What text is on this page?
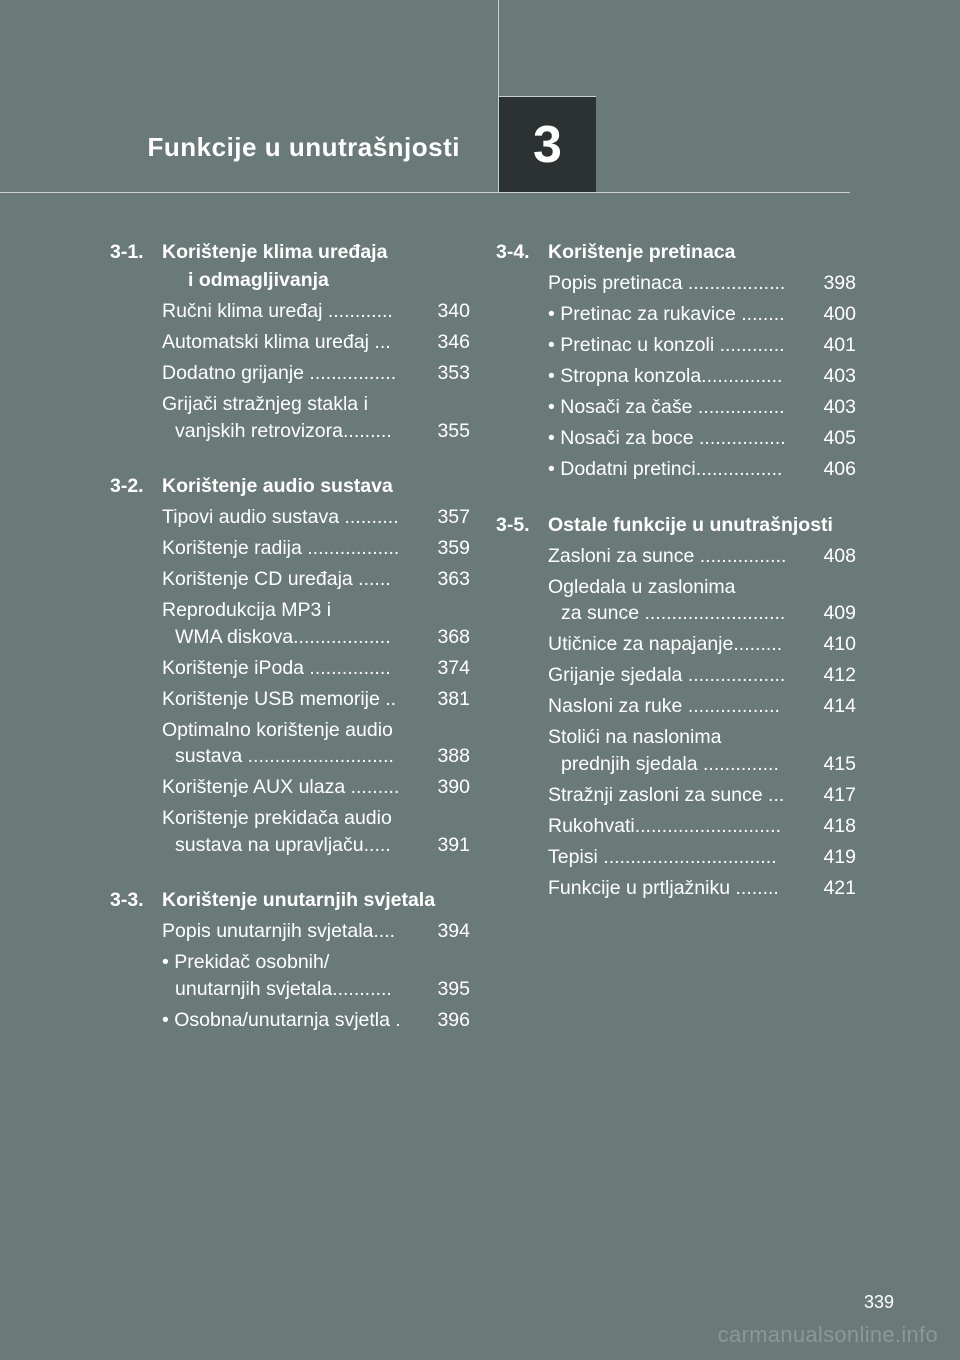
Funkcije u unutrašnjosti 3
3-1. Korištenje klima uređaja
i odmagljivanja
Ručni klima uređaj ............	340
Automatski klima uređaj ...	346
Dodatno grijanje ................	353
Grijači stražnjeg stakla i
vanjskih retrovizora.........	355
3-2. Korištenje audio sustava
Tipovi audio sustava ..........	357
Korištenje radija .................	359
Korištenje CD uređaja ......	363
Reprodukcija MP3 i
WMA diskova..................	368
Korištenje iPoda ...............	374
Korištenje USB memorije ..	381
Optimalno korištenje audio
sustava ...........................	388
Korištenje AUX ulaza .........	390
Korištenje prekidača audio
sustava na upravljaču.....	391
3-3. Korištenje unutarnjih svjetala
Popis unutarnjih svjetala....	394
• Prekidač osobnih/
unutarnjih svjetala...........	395
• Osobna/unutarnja svjetla .	396
3-4. Korištenje pretinaca
Popis pretinaca ..................	398
• Pretinac za rukavice ........	400
• Pretinac u konzoli ............	401
• Stropna konzola...............	403
• Nosači za čaše ................	403
• Nosači za boce ................	405
• Dodatni pretinci................	406
3-5. Ostale funkcije u unutrašnjosti
Zasloni za sunce ................	408
Ogledala u zaslonima
za sunce ..........................	409
Utičnice za napajanje.........	410
Grijanje sjedala ..................	412
Nasloni za ruke .................	414
Stolići na naslonima
prednjih sjedala ..............	415
Stražnji zasloni za sunce ...	417
Rukohvati...........................	418
Tepisi ................................	419
Funkcije u prtljažniku ........	421
339
carmanualsonline.info
